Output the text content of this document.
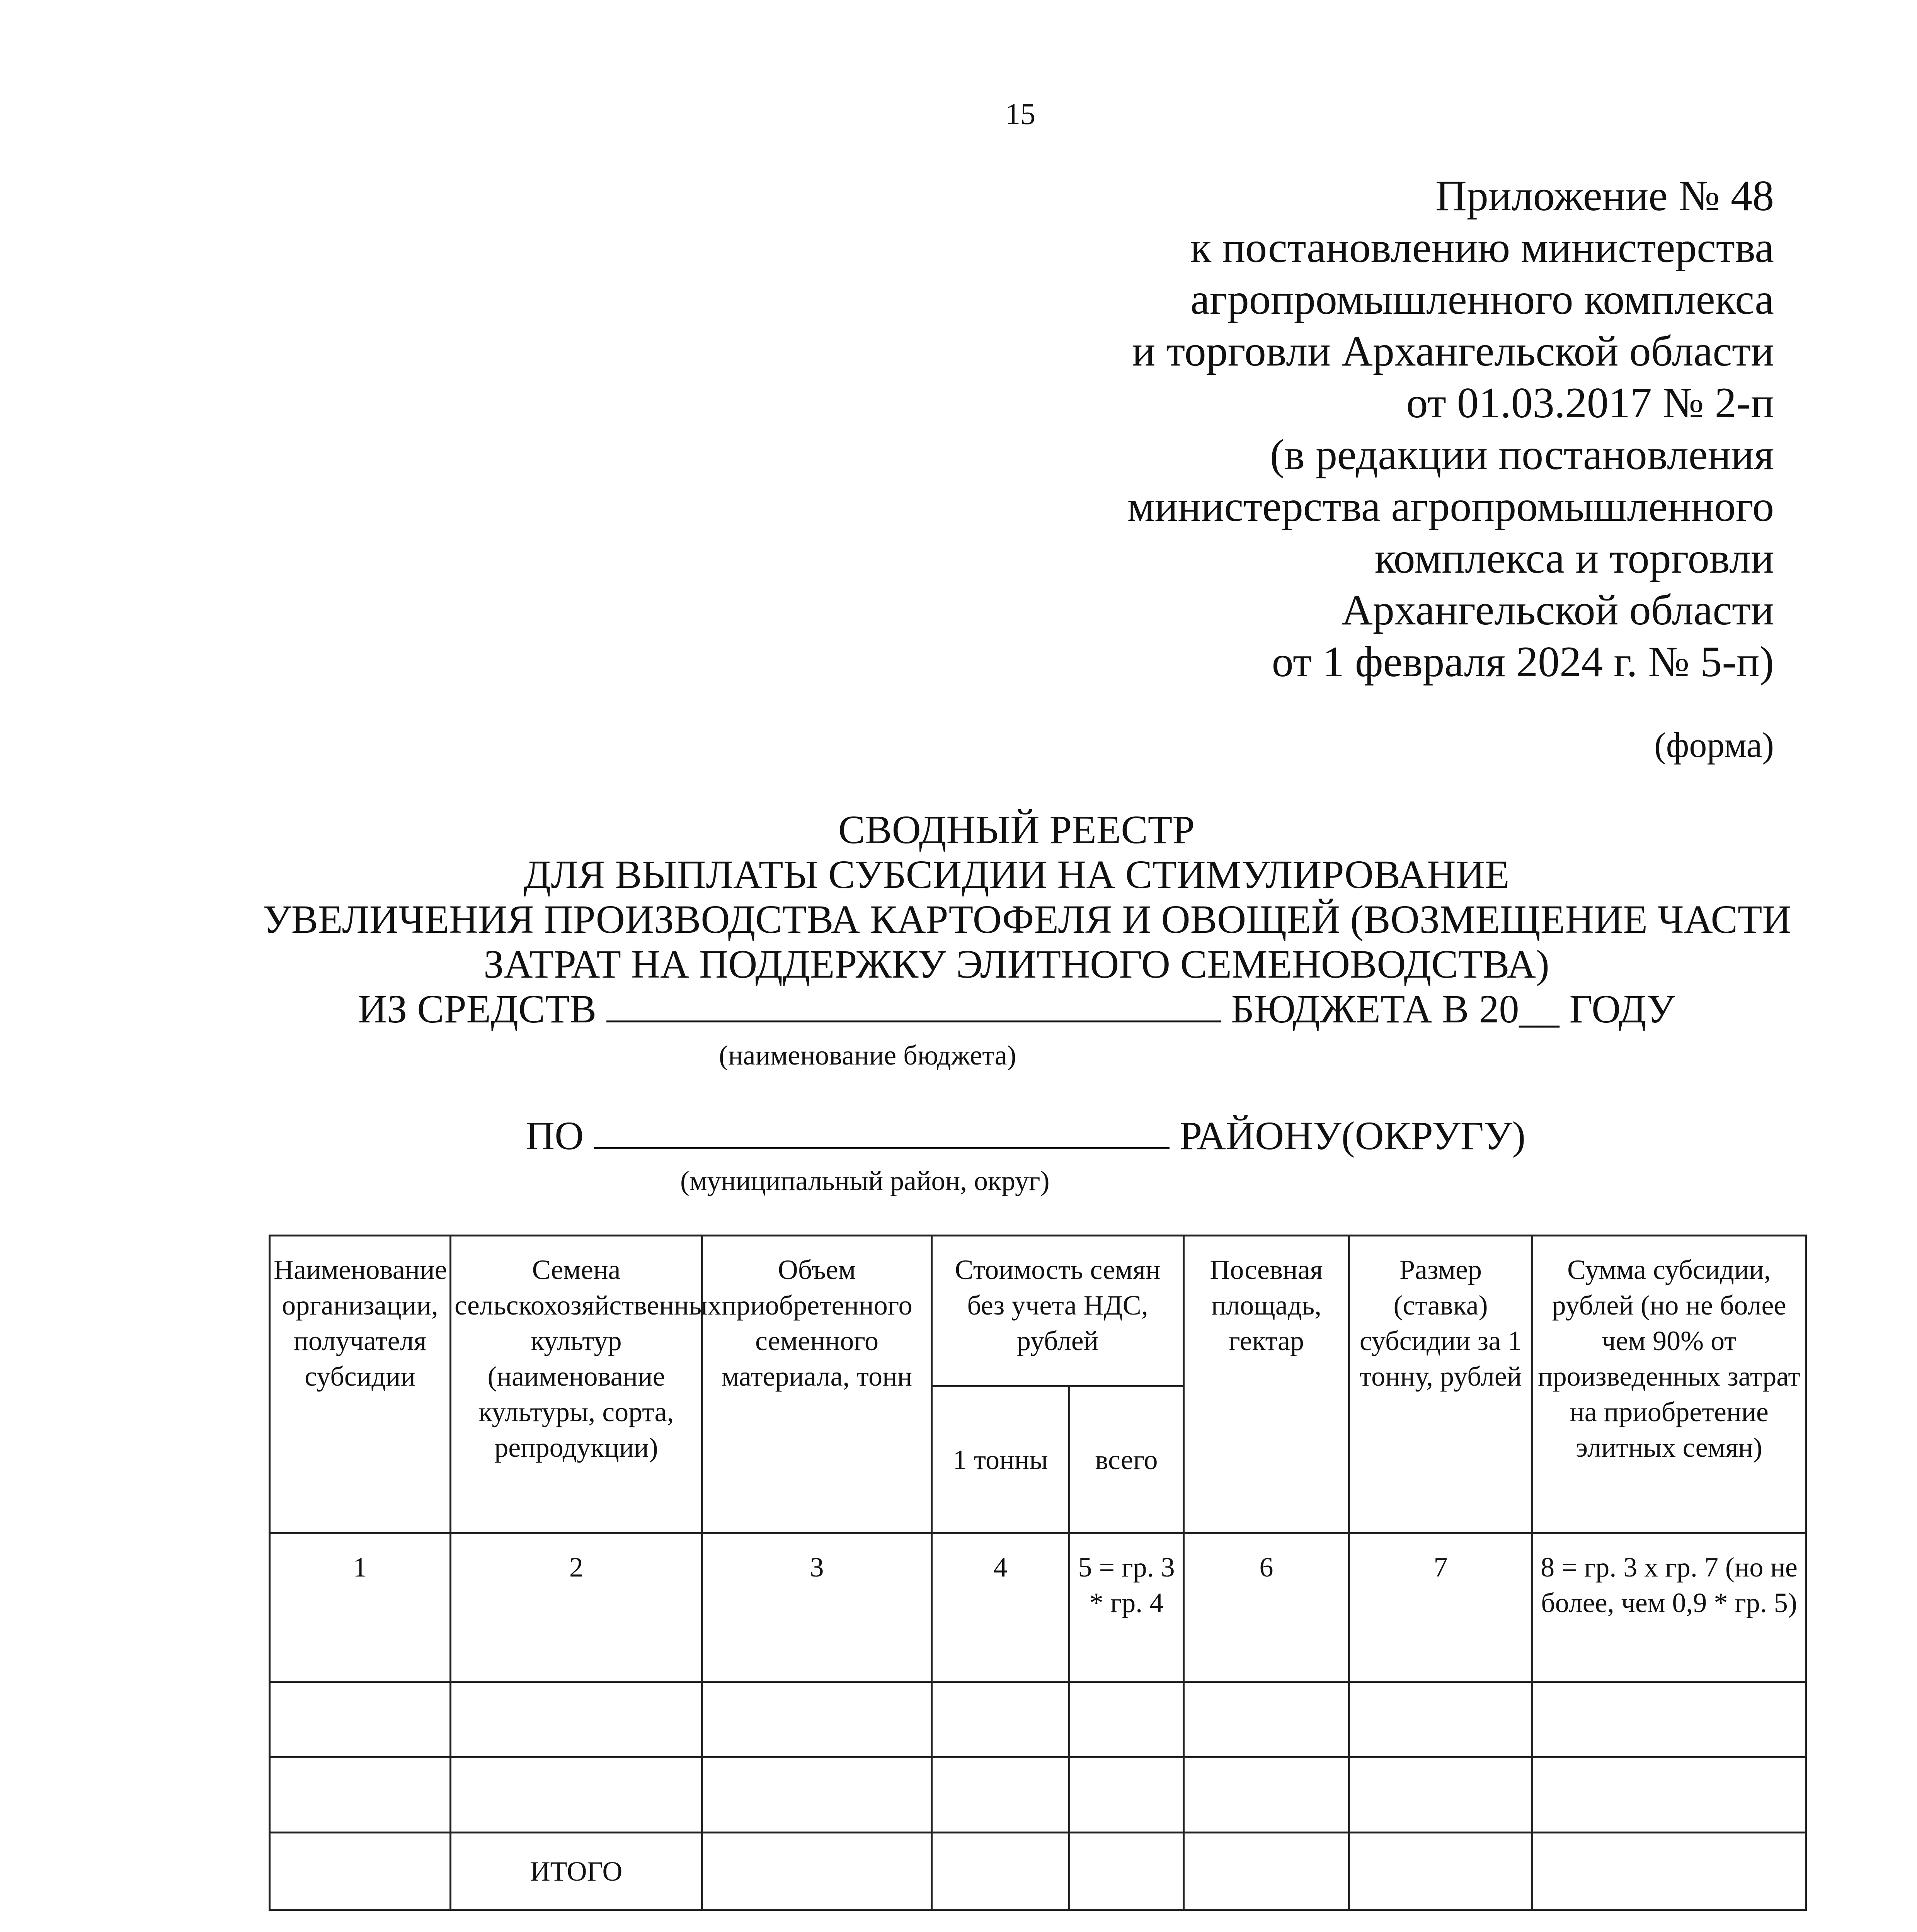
15
Приложение № 48
к постановлению министерства
агропромышленного комплекса
и торговли Архангельской области
от 01.03.2017 № 2-п
(в редакции постановления
министерства агропромышленного
комплекса и торговли
Архангельской области
от 1 февраля 2024 г. № 5-п)
(форма)
СВОДНЫЙ РЕЕСТР
ДЛЯ ВЫПЛАТЫ СУБСИДИИ НА СТИМУЛИРОВАНИЕ
УВЕЛИЧЕНИЯ ПРОИЗВОДСТВА КАРТОФЕЛЯ И ОВОЩЕЙ (ВОЗМЕЩЕНИЕ ЧАСТИ
ЗАТРАТ НА ПОДДЕРЖКУ ЭЛИТНОГО СЕМЕНОВОДСТВА)
ИЗ СРЕДСТВ	БЮДЖЕТА В 20__ ГОДУ
(наименование бюджета)
ПО	РАЙОНУ(ОКРУГУ)
(муниципальный район, округ)
Наименование организации, получателя субсидии	Семена сельскохозяйственных культур (наименование культуры, сорта, репродукции)	Объем приобретенного семенного материала, тонн	Стоимость семян без учета НДС, рублей		Посевная площадь, гектар	Размер (ставка) субсидии за 1 тонну, рублей	Сумма субсидии, рублей (но не более чем 90% от произведенных затрат на приобретение элитных семян)
			1 тонны	всего			
1	2	3	4	5 = гр. 3 * гр. 4	6	7	8 = гр. 3 x гр. 7 (но не более, чем 0,9 * гр. 5)

	ИТОГО						
